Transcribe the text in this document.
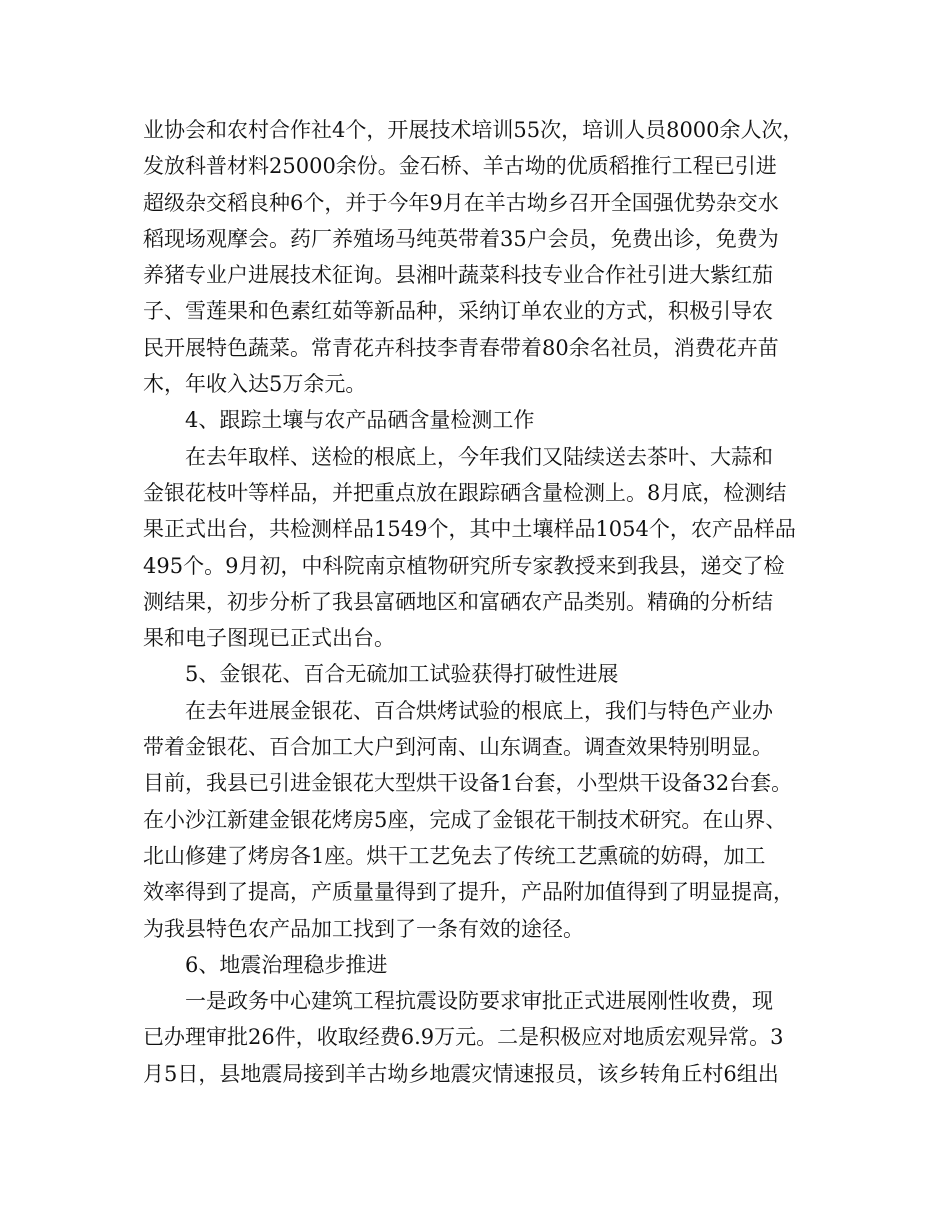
业协会和农村合作社4个，开展技术培训55次，培训人员8000余人次，
发放科普材料25000余份。金石桥、羊古坳的优质稻推行工程已引进
超级杂交稻良种6个，并于今年9月在羊古坳乡召开全国强优势杂交水
稻现场观摩会。药厂养殖场马纯英带着35户会员，免费出诊，免费为
养猪专业户进展技术征询。县湘叶蔬菜科技专业合作社引进大紫红茄
子、雪莲果和色素红茹等新品种，采纳订单农业的方式，积极引导农
民开展特色蔬菜。常青花卉科技李青春带着80余名社员，消费花卉苗
木，年收入达5万余元。
4、跟踪土壤与农产品硒含量检测工作
在去年取样、送检的根底上，今年我们又陆续送去茶叶、大蒜和
金银花枝叶等样品，并把重点放在跟踪硒含量检测上。8月底，检测结
果正式出台，共检测样品1549个，其中土壤样品1054个，农产品样品
495个。9月初，中科院南京植物研究所专家教授来到我县，递交了检
测结果，初步分析了我县富硒地区和富硒农产品类别。精确的分析结
果和电子图现已正式出台。
5、金银花、百合无硫加工试验获得打破性进展
在去年进展金银花、百合烘烤试验的根底上，我们与特色产业办
带着金银花、百合加工大户到河南、山东调查。调查效果特别明显。
目前，我县已引进金银花大型烘干设备1台套，小型烘干设备32台套。
在小沙江新建金银花烤房5座，完成了金银花干制技术研究。在山界、
北山修建了烤房各1座。烘干工艺免去了传统工艺熏硫的妨碍，加工
效率得到了提高，产质量量得到了提升，产品附加值得到了明显提高，
为我县特色农产品加工找到了一条有效的途径。
6、地震治理稳步推进
一是政务中心建筑工程抗震设防要求审批正式进展刚性收费，现
已办理审批26件，收取经费6.9万元。二是积极应对地质宏观异常。3
月5日，县地震局接到羊古坳乡地震灾情速报员，该乡转角丘村6组出
